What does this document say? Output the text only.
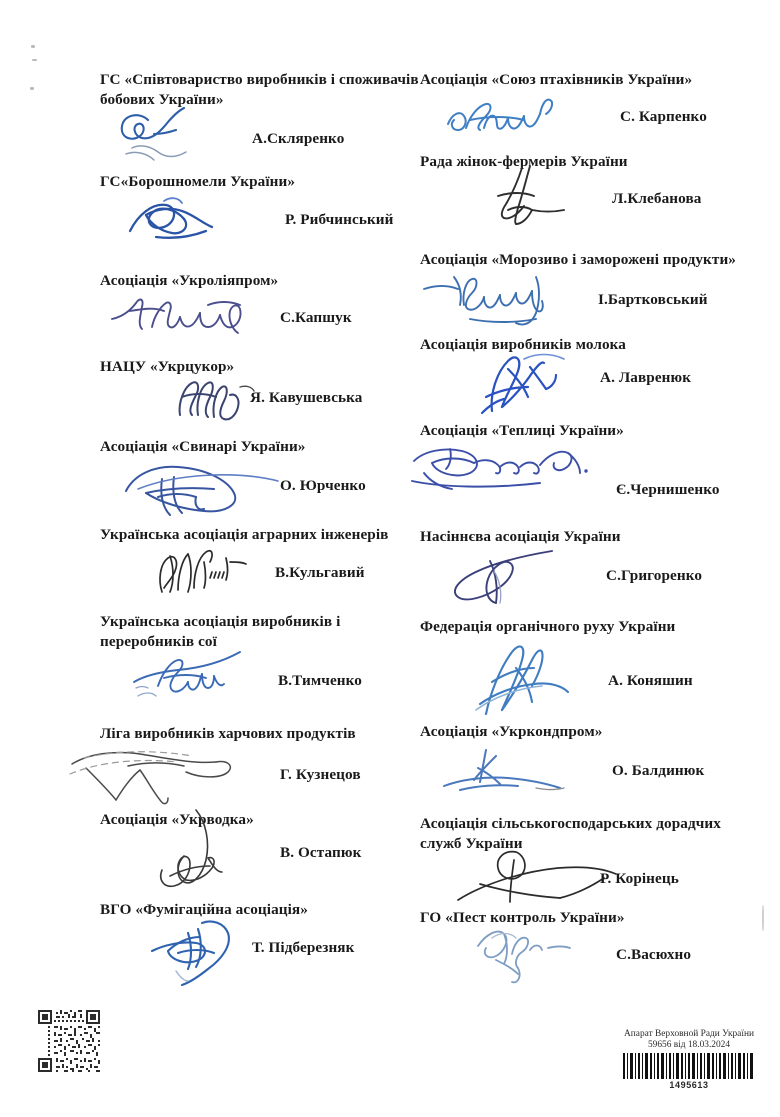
ГС «Співтовариство виробників і споживачів бобових України»

А.Скляренко

ГС«Борошномели України»

Р. Рибчинський

Асоціація «Укроліяпром»

С.Капшук

НАЦУ «Укрцукор»

Я. Кавушевська

Асоціація «Свинарі України»

О. Юрченко

Українська асоціація аграрних інженерів

В.Кульгавий

Українська асоціація виробників і переробників сої

В.Тимченко

Ліга виробників харчових продуктів

Г. Кузнецов

Асоціація «Укрводка»

В. Остапюк

ВГО «Фумігаційна асоціація»

Т. Підберезняк

Асоціація «Союз птахівників України»

С. Карпенко

Рада жінок-фермерів України

Л.Клебанова

Асоціація «Морозиво і заморожені продукти»

І.Бартковський

Асоціація виробників молока

А. Лавренюк

Асоціація «Теплиці України»

Є.Чернишенко

Насіннєва асоціація України

С.Григоренко

Федерація органічного руху України

А. Коняшин

Асоціація «Укркондпром»

О. Балдинюк

Асоціація сільськогосподарських дорадчих служб України

Р. Корінець

ГО «Пест контроль України»

С.Васюхно
Апарат Верховной Ради України
59656 від 18.03.2024
1495613
